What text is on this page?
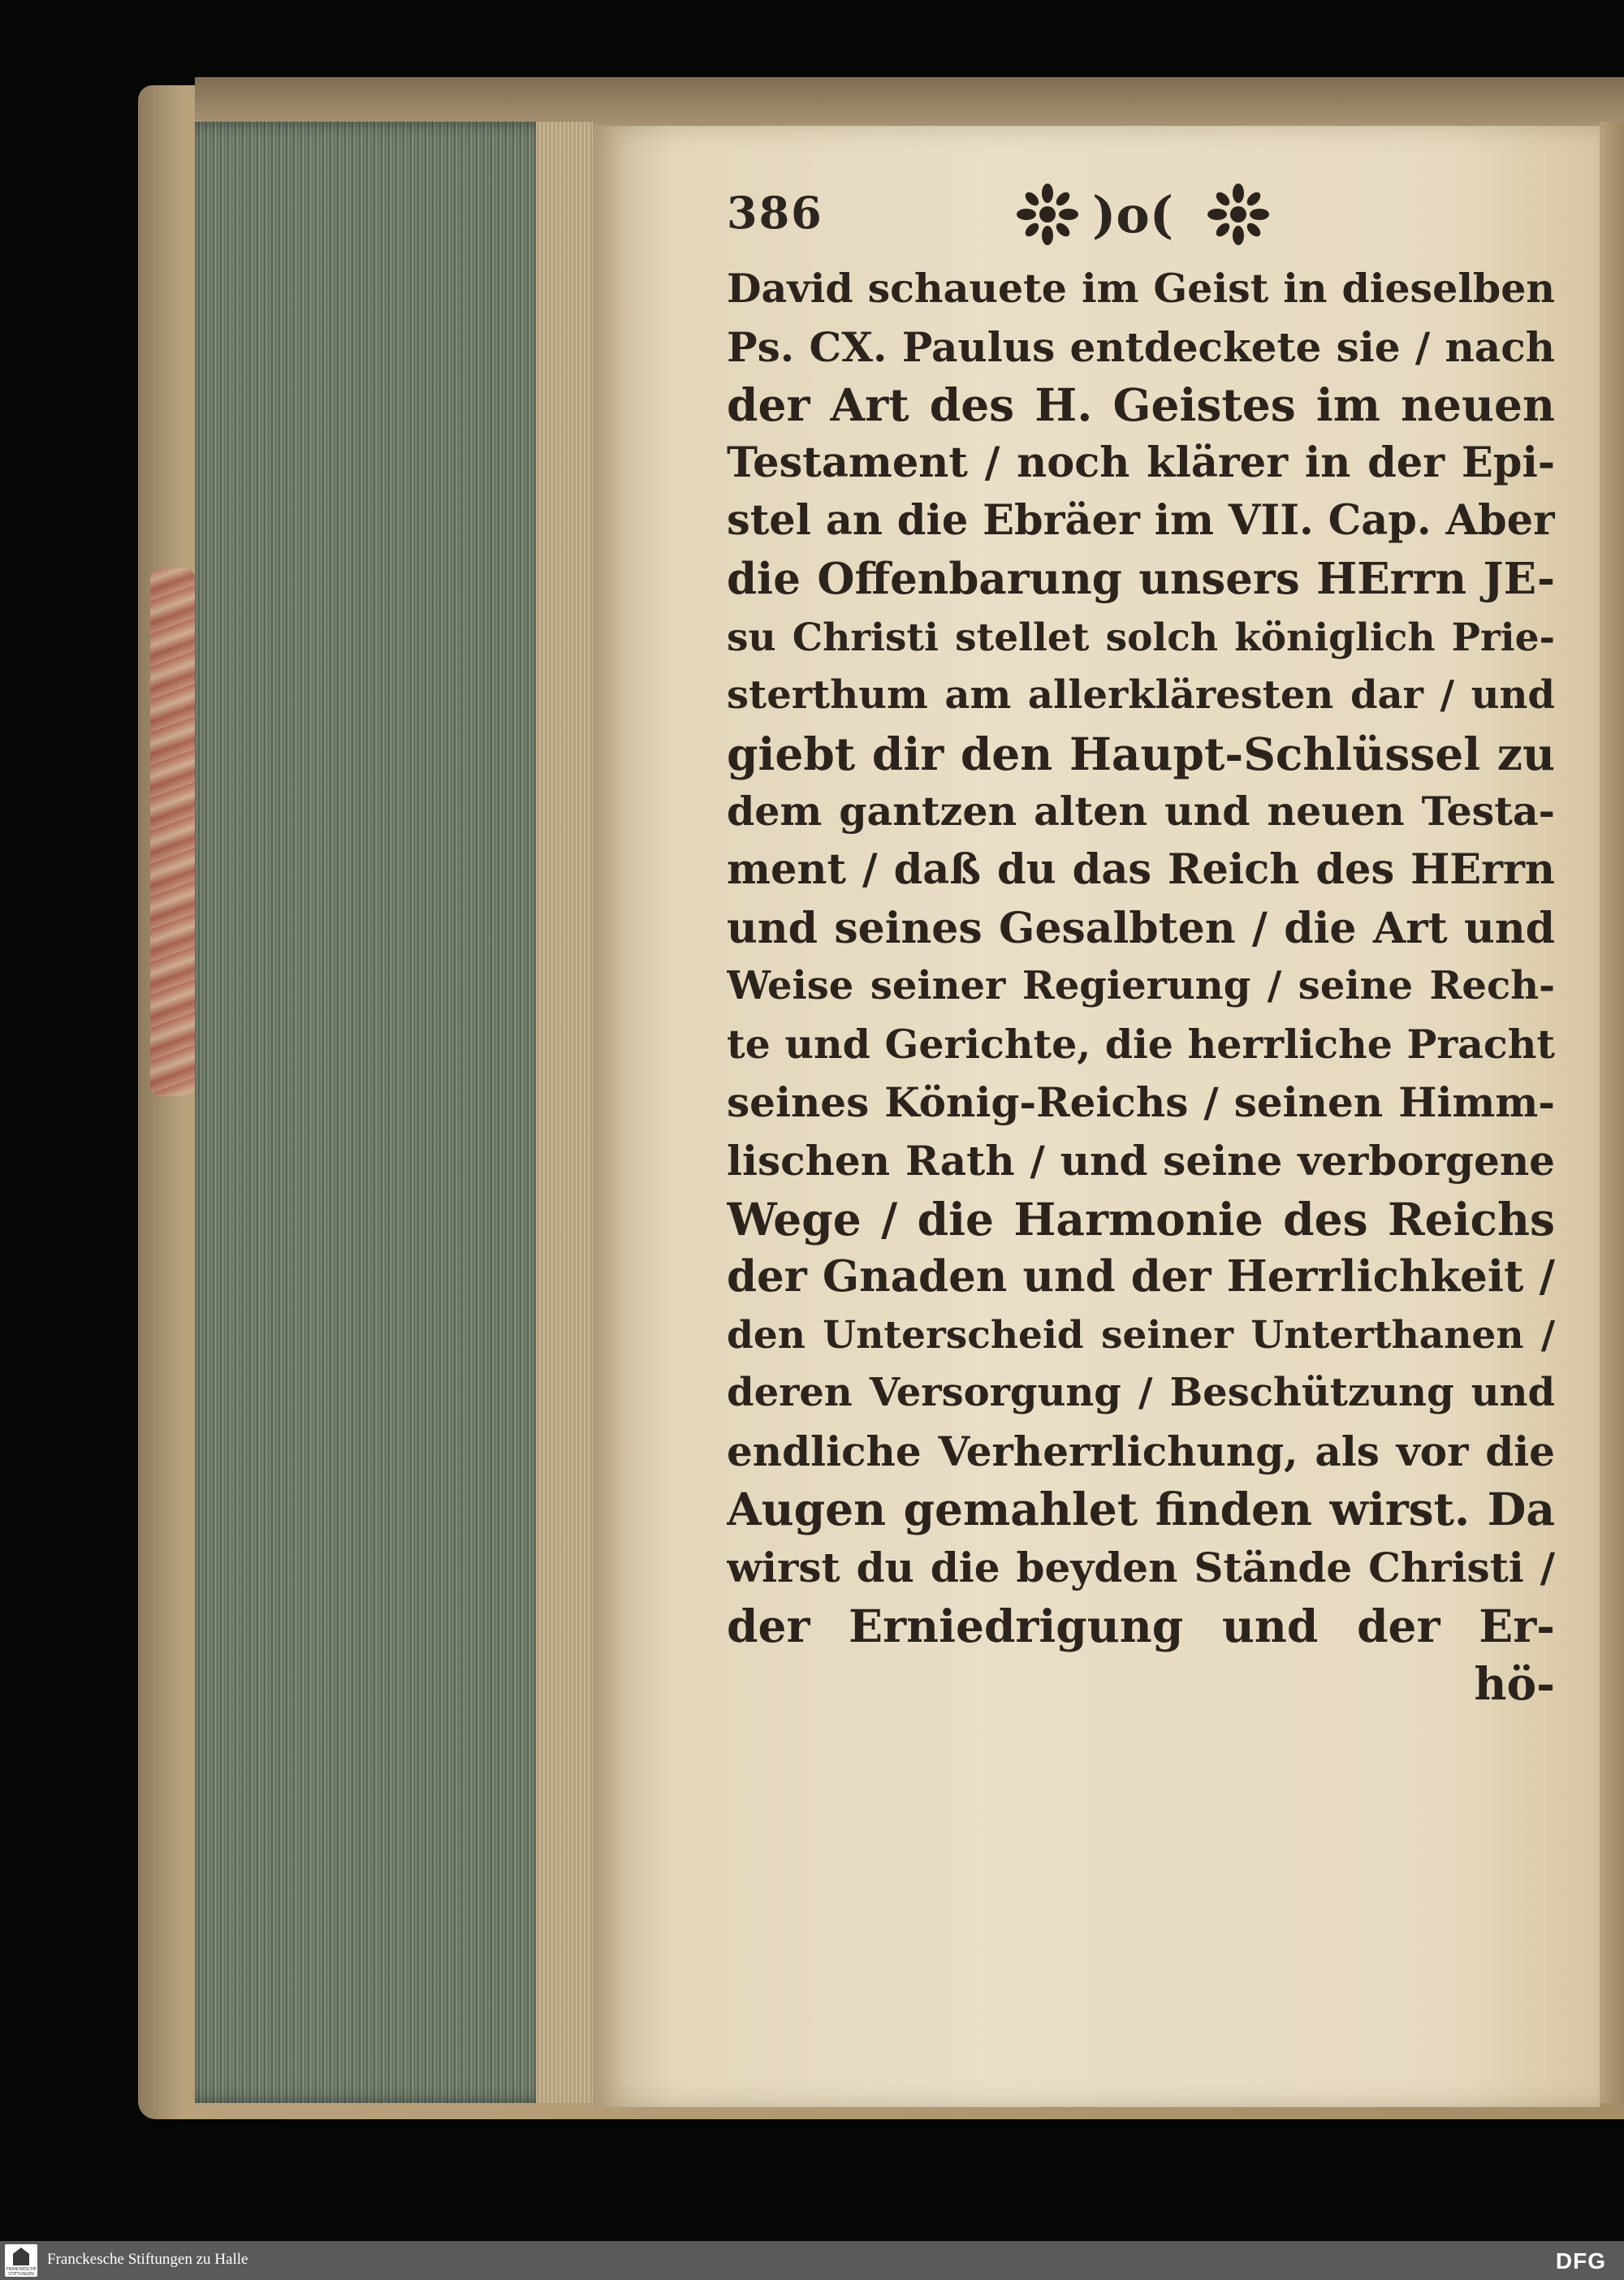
386	)o(
David schauete im Geist in dieselben
Ps. CX. Paulus entdeckete sie / nach
der Art des H. Geistes im neuen
Testament / noch klärer in der Epi-
stel an die Ebräer im VII. Cap. Aber
die Offenbarung unsers HErrn JE-
su Christi stellet solch königlich Prie-
sterthum am allerkläresten dar / und
giebt dir den Haupt-Schlüssel zu
dem gantzen alten und neuen Testa-
ment / daß du das Reich des HErrn
und seines Gesalbten / die Art und
Weise seiner Regierung / seine Rech-
te und Gerichte, die herrliche Pracht
seines König-Reichs / seinen Himm-
lischen Rath / und seine verborgene
Wege / die Harmonie des Reichs
der Gnaden und der Herrlichkeit /
den Unterscheid seiner Unterthanen /
deren Versorgung / Beschützung und
endliche Verherrlichung, als vor die
Augen gemahlet finden wirst. Da
wirst du die beyden Stände Christi /
der Erniedrigung und der Er-
hö-
FRANCKESCHE STIFTUNGEN
Franckesche Stiftungen zu Halle	DFG
